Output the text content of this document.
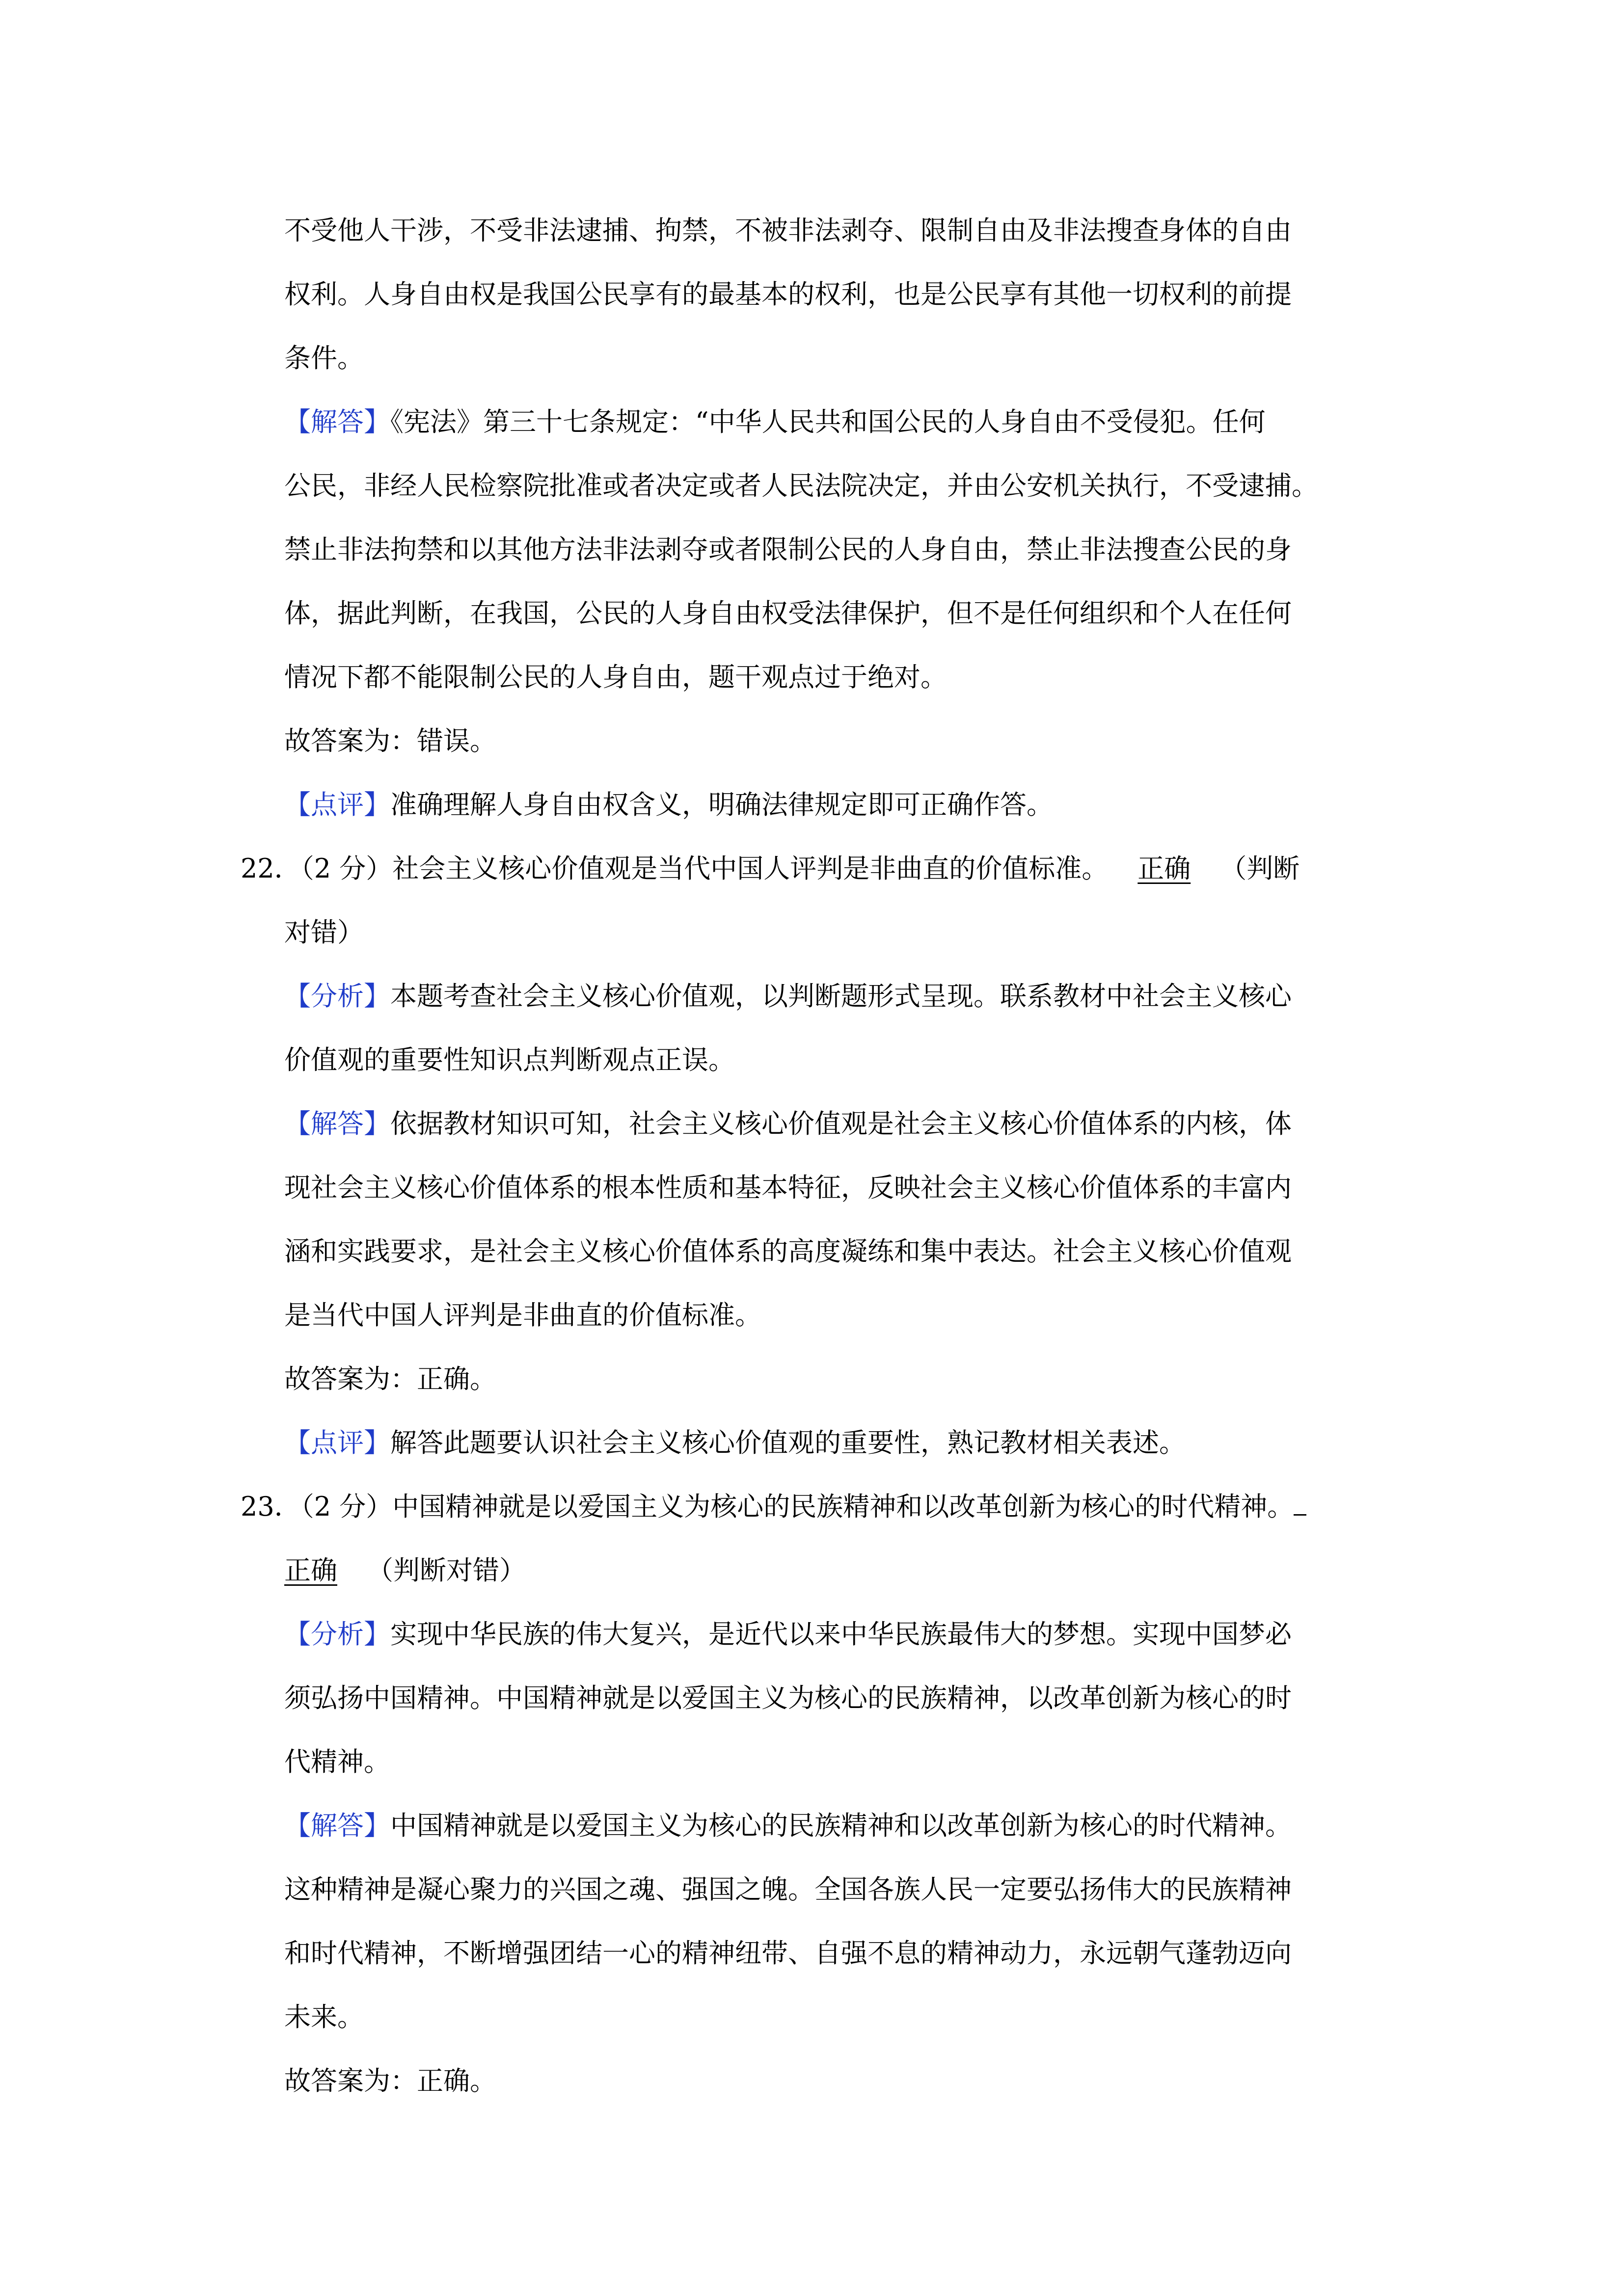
不受他人干涉，不受非法逮捕、拘禁，不被非法剥夺、限制自由及非法搜查身体的自由
权利。人身自由权是我国公民享有的最基本的权利，也是公民享有其他一切权利的前提
条件。
【解答】《宪法》第三十七条规定：“中华人民共和国公民的人身自由不受侵犯。任何
公民，非经人民检察院批准或者决定或者人民法院决定，并由公安机关执行，不受逮捕。
禁止非法拘禁和以其他方法非法剥夺或者限制公民的人身自由，禁止非法搜查公民的身
体，据此判断，在我国，公民的人身自由权受法律保护，但不是任何组织和个人在任何
情况下都不能限制公民的人身自由，题干观点过于绝对。
故答案为：错误。
【点评】准确理解人身自由权含义，明确法律规定即可正确作答。
22．（2 分）社会主义核心价值观是当代中国人评判是非曲直的价值标准。 正确 （判断
对错）
【分析】本题考查社会主义核心价值观，以判断题形式呈现。联系教材中社会主义核心
价值观的重要性知识点判断观点正误。
【解答】依据教材知识可知，社会主义核心价值观是社会主义核心价值体系的内核，体
现社会主义核心价值体系的根本性质和基本特征，反映社会主义核心价值体系的丰富内
涵和实践要求，是社会主义核心价值体系的高度凝练和集中表达。社会主义核心价值观
是当代中国人评判是非曲直的价值标准。
故答案为：正确。
【点评】解答此题要认识社会主义核心价值观的重要性，熟记教材相关表述。
23．（2 分）中国精神就是以爱国主义为核心的民族精神和以改革创新为核心的时代精神。
正确 （判断对错）
【分析】实现中华民族的伟大复兴，是近代以来中华民族最伟大的梦想。实现中国梦必
须弘扬中国精神。中国精神就是以爱国主义为核心的民族精神，以改革创新为核心的时
代精神。
【解答】中国精神就是以爱国主义为核心的民族精神和以改革创新为核心的时代精神。
这种精神是凝心聚力的兴国之魂、强国之魄。全国各族人民一定要弘扬伟大的民族精神
和时代精神，不断增强团结一心的精神纽带、自强不息的精神动力，永远朝气蓬勃迈向
未来。
故答案为：正确。
